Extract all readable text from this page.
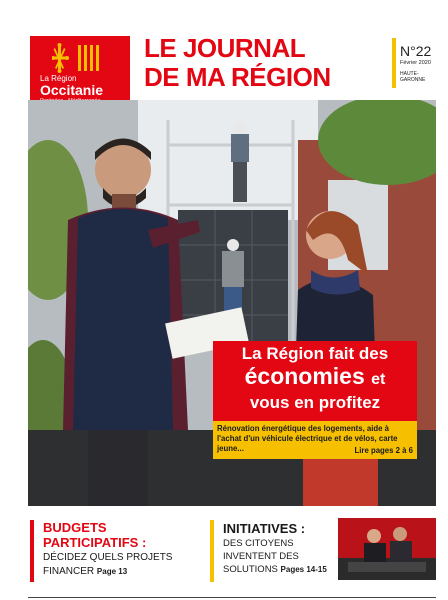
La Région
Occitanie
LE JOURNAL
DE MA RÉGION
N°22
Février 2020
HAUTE-
GARONNE
La Région fait des
économies et
vous en profitez
Rénovation énergétique des logements, aide à l'achat d'un véhicule électrique et de vélos, carte jeune...	Lire pages 2 à 6
BUDGETS
PARTICIPATIFS :
DÉCIDEZ QUELS PROJETS
FINANCER Page 13
INITIATIVES :
DES CITOYENS
INVENTENT DES
SOLUTIONS Pages 14-15
